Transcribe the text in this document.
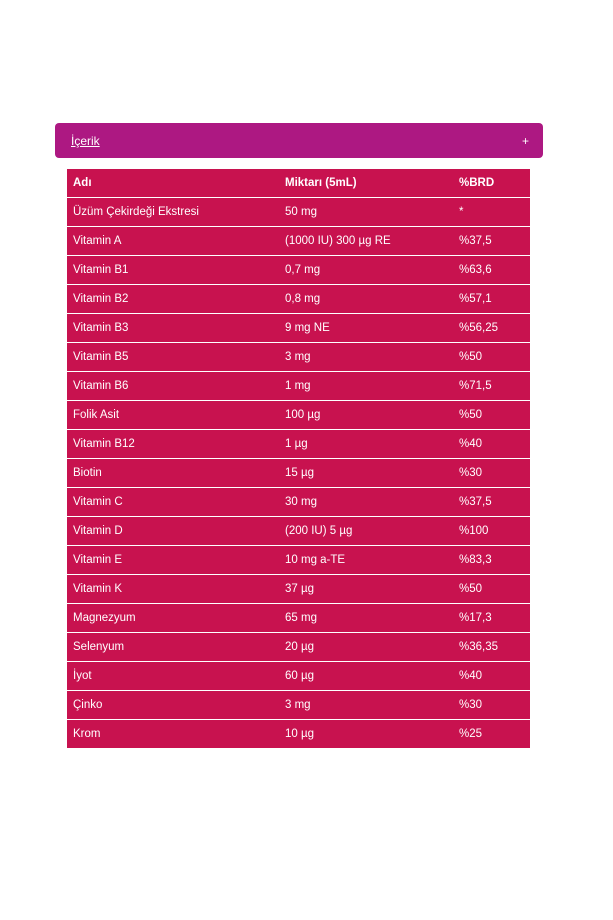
İçerik	+
Adı	Miktarı (5mL)	%BRD
Üzüm Çekirdeği Ekstresi	50 mg	*
Vitamin A	(1000 IU) 300 µg RE	%37,5
Vitamin B1	0,7 mg	%63,6
Vitamin B2	0,8 mg	%57,1
Vitamin B3	9 mg NE	%56,25
Vitamin B5	3 mg	%50
Vitamin B6	1 mg	%71,5
Folik Asit	100 µg	%50
Vitamin B12	1 µg	%40
Biotin	15 µg	%30
Vitamin C	30 mg	%37,5
Vitamin D	(200 IU) 5 µg	%100
Vitamin E	10 mg a-TE	%83,3
Vitamin K	37 µg	%50
Magnezyum	65 mg	%17,3
Selenyum	20 µg	%36,35
İyot	60 µg	%40
Çinko	3 mg	%30
Krom	10 µg	%25
